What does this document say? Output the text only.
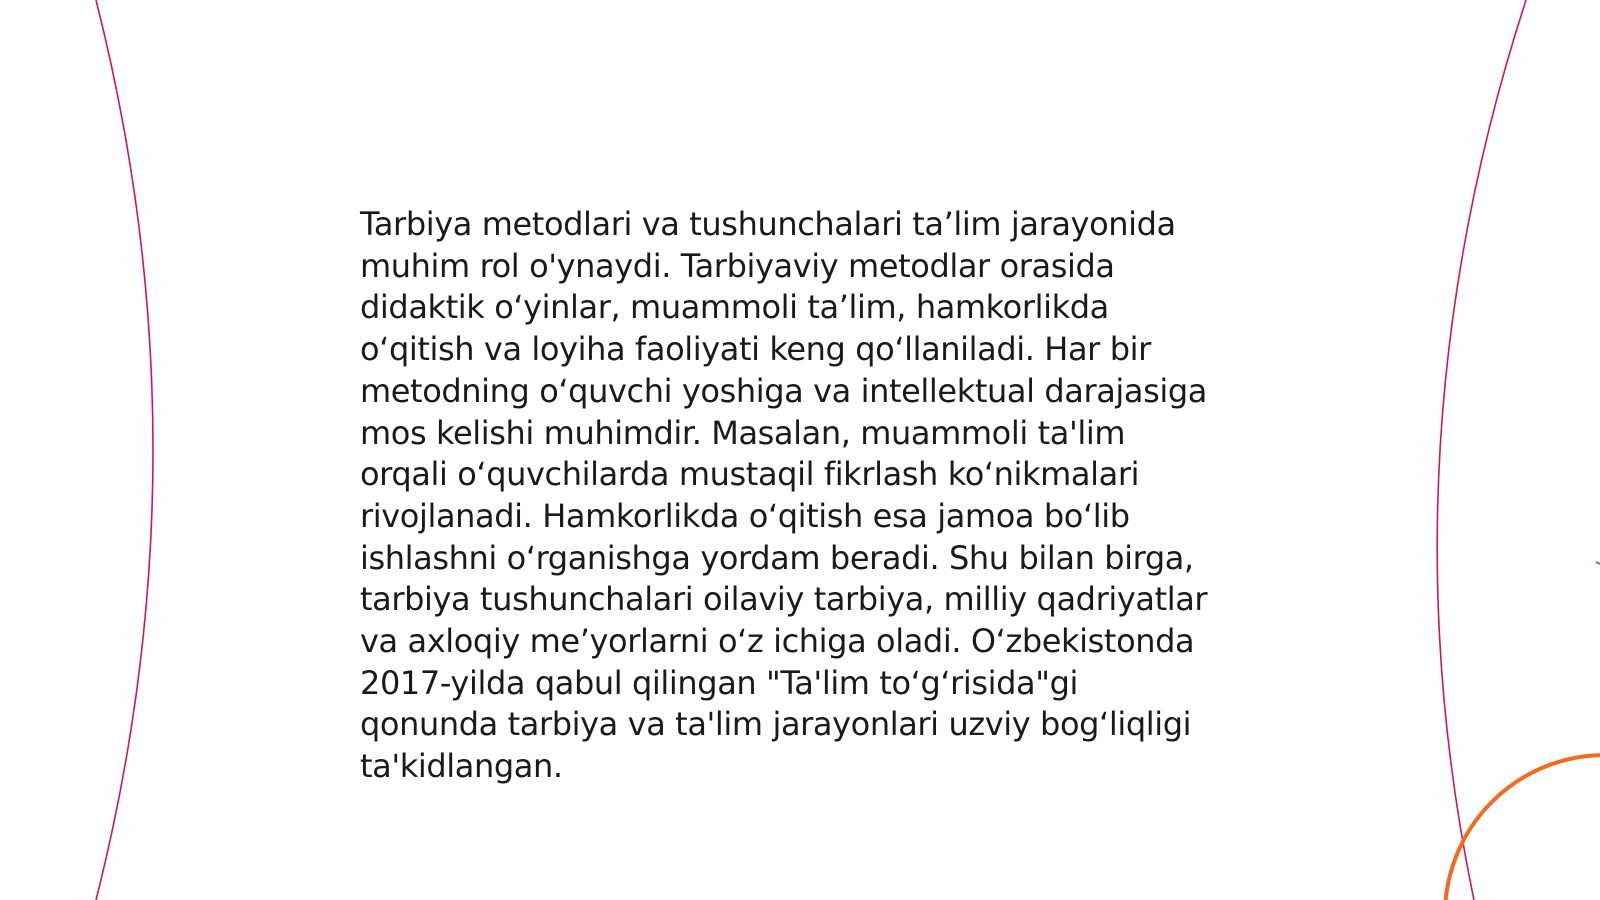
Tarbiya metodlari va tushunchalari ta’lim jarayonida
muhim rol o'ynaydi. Tarbiyaviy metodlar orasida
didaktik o‘yinlar, muammoli ta’lim, hamkorlikda
o‘qitish va loyiha faoliyati keng qo‘llaniladi. Har bir
metodning o‘quvchi yoshiga va intellektual darajasiga
mos kelishi muhimdir. Masalan, muammoli ta'lim
orqali o‘quvchilarda mustaqil fikrlash ko‘nikmalari
rivojlanadi. Hamkorlikda o‘qitish esa jamoa bo‘lib
ishlashni o‘rganishga yordam beradi. Shu bilan birga,
tarbiya tushunchalari oilaviy tarbiya, milliy qadriyatlar
va axloqiy me’yorlarni o‘z ichiga oladi. O‘zbekistonda
2017-yilda qabul qilingan "Ta'lim to‘g‘risida"gi
qonunda tarbiya va ta'lim jarayonlari uzviy bog‘liqligi
ta'kidlangan.
